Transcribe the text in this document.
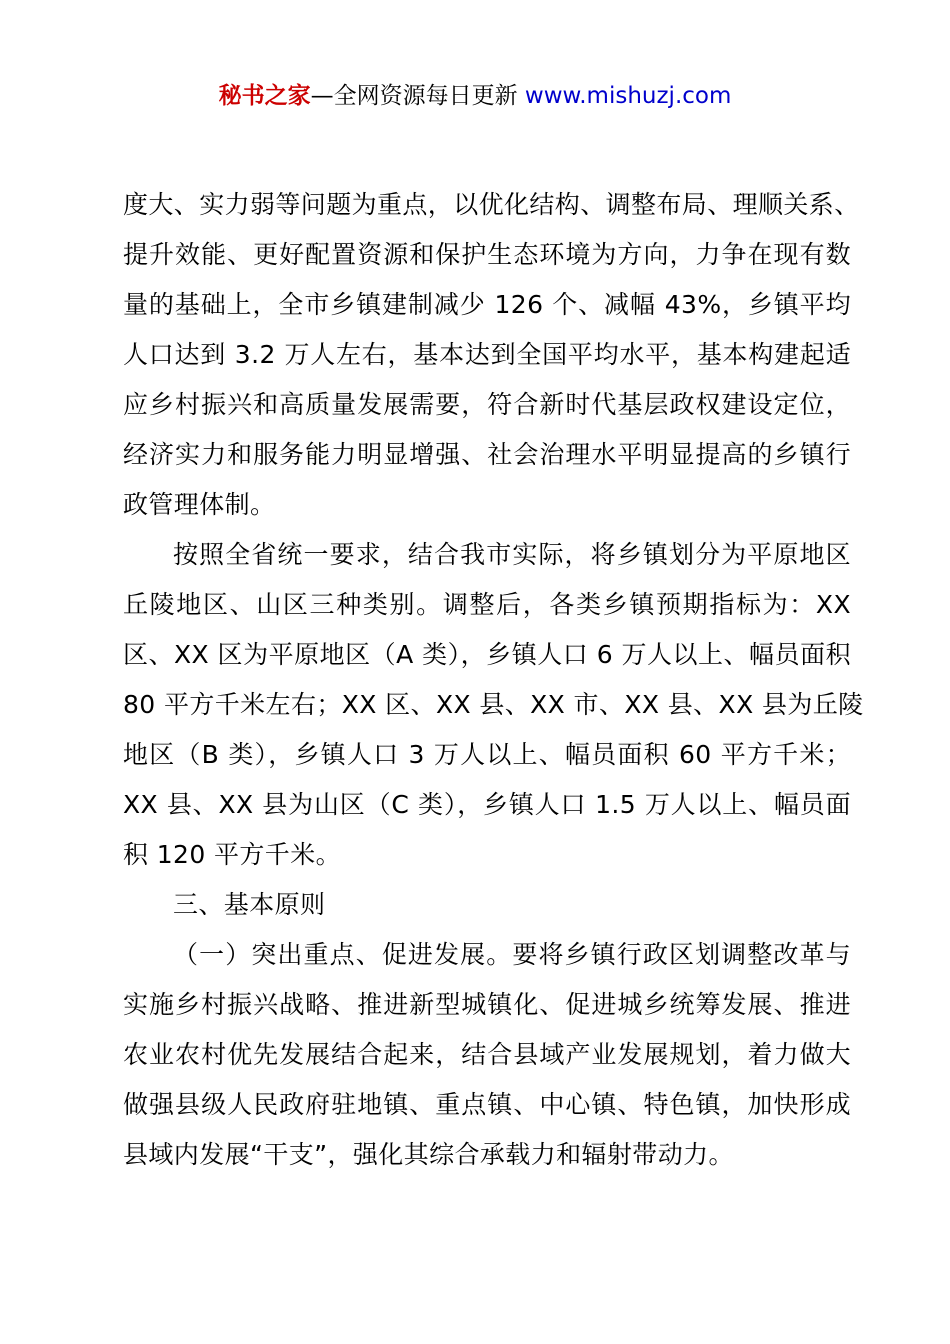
秘书之家—全网资源每日更新 www.mishuzj.com
度大、实力弱等问题为重点，以优化结构、调整布局、理顺关系、
提升效能、更好配置资源和保护生态环境为方向，力争在现有数
量的基础上，全市乡镇建制减少 126 个、减幅 43%，乡镇平均
人口达到 3.2 万人左右，基本达到全国平均水平，基本构建起适
应乡村振兴和高质量发展需要，符合新时代基层政权建设定位，
经济实力和服务能力明显增强、社会治理水平明显提高的乡镇行
政管理体制。
按照全省统一要求，结合我市实际，将乡镇划分为平原地区
丘陵地区、山区三种类别。调整后，各类乡镇预期指标为：XX
区、XX 区为平原地区（A 类），乡镇人口 6 万人以上、幅员面积
80 平方千米左右；XX 区、XX 县、XX 市、XX 县、XX 县为丘陵
地区（B 类），乡镇人口 3 万人以上、幅员面积 60 平方千米；
XX 县、XX 县为山区（C 类），乡镇人口 1.5 万人以上、幅员面
积 120 平方千米。
三、基本原则
（一）突出重点、促进发展。要将乡镇行政区划调整改革与
实施乡村振兴战略、推进新型城镇化、促进城乡统筹发展、推进
农业农村优先发展结合起来，结合县域产业发展规划，着力做大
做强县级人民政府驻地镇、重点镇、中心镇、特色镇，加快形成
县域内发展“干支”，强化其综合承载力和辐射带动力。
